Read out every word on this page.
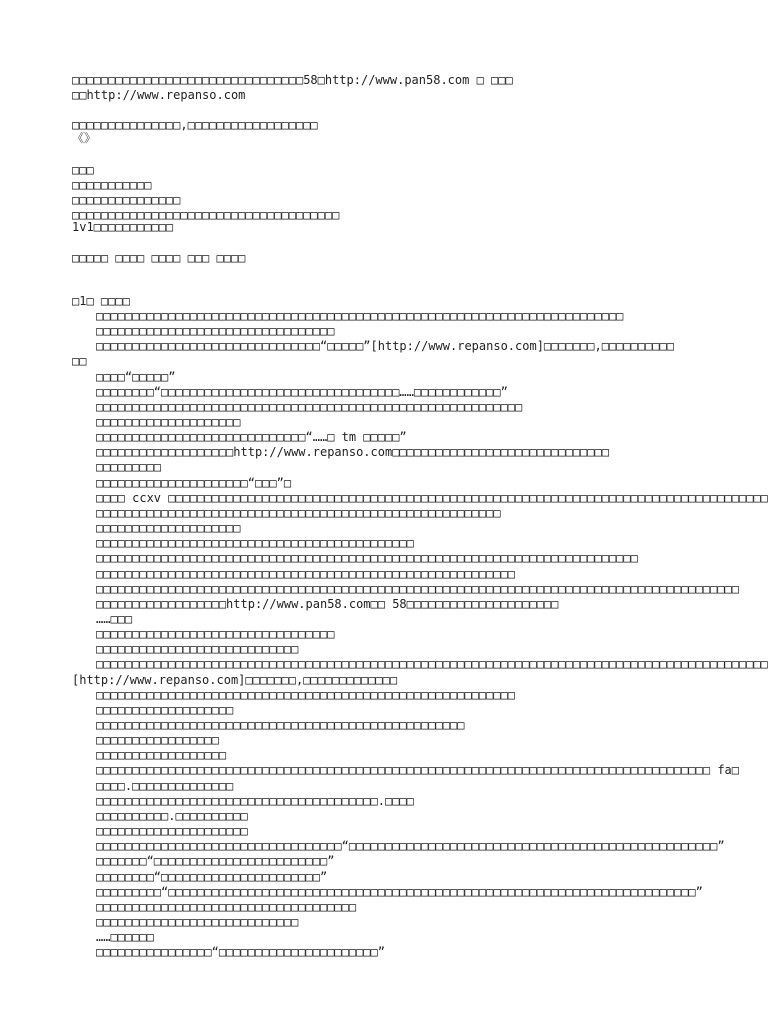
□□□□□□□□□□□□□□□□□□□□□□□□□□□□□□□□58□http://www.pan58.com □ □□□
□□http://www.repanso.com
□□□□□□□□□□□□□□□,□□□□□□□□□□□□□□□□□□
《》
□□□
□□□□□□□□□□□
□□□□□□□□□□□□□□□
□□□□□□□□□□□□□□□□□□□□□□□□□□□□□□□□□□□□□
1v1□□□□□□□□□□□
□□□□□ □□□□ □□□□ □□□ □□□□
□1□ □□□□
□□□□□□□□□□□□□□□□□□□□□□□□□□□□□□□□□□□□□□□□□□□□□□□□□□□□□□□□□□□□□□□□□□□□□□□□□
□□□□□□□□□□□□□□□□□□□□□□□□□□□□□□□□□
□□□□□□□□□□□□□□□□□□□□□□□□□□□□□□□“□□□□□”[http://www.repanso.com]□□□□□□□,□□□□□□□□□□
□□
□□□□“□□□□□”
□□□□□□□□“□□□□□□□□□□□□□□□□□□□□□□□□□□□□□□□□□……□□□□□□□□□□□□”
□□□□□□□□□□□□□□□□□□□□□□□□□□□□□□□□□□□□□□□□□□□□□□□□□□□□□□□□□□□
□□□□□□□□□□□□□□□□□□□□
□□□□□□□□□□□□□□□□□□□□□□□□□□□□□“……□ tm □□□□□”
□□□□□□□□□□□□□□□□□□□http://www.repanso.com□□□□□□□□□□□□□□□□□□□□□□□□□□□□□□
□□□□□□□□□
□□□□□□□□□□□□□□□□□□□□□“□□□”□
□□□□ ccxv □□□□□□□□□□□□□□□□□□□□□□□□□□□□□□□□□□□□□□□□□□□□□□□□□□□□□□□□□□□□□□□□□□□□□□□□□□□□□□□□□□□
□□□□□□□□□□□□□□□□□□□□□□□□□□□□□□□□□□□□□□□□□□□□□□□□□□□□□□□□
□□□□□□□□□□□□□□□□□□□□
□□□□□□□□□□□□□□□□□□□□□□□□□□□□□□□□□□□□□□□□□□□□
□□□□□□□□□□□□□□□□□□□□□□□□□□□□□□□□□□□□□□□□□□□□□□□□□□□□□□□□□□□□□□□□□□□□□□□□□□□
□□□□□□□□□□□□□□□□□□□□□□□□□□□□□□□□□□□□□□□□□□□□□□□□□□□□□□□□□□
□□□□□□□□□□□□□□□□□□□□□□□□□□□□□□□□□□□□□□□□□□□□□□□□□□□□□□□□□□□□□□□□□□□□□□□□□□□□□□□□□□□□□□□□□
□□□□□□□□□□□□□□□□□□http://www.pan58.com□□ 58□□□□□□□□□□□□□□□□□□□□□
……□□□
□□□□□□□□□□□□□□□□□□□□□□□□□□□□□□□□□
□□□□□□□□□□□□□□□□□□□□□□□□□□□□
□□□□□□□□□□□□□□□□□□□□□□□□□□□□□□□□□□□□□□□□□□□□□□□□□□□□□□□□□□□□□□□□□□□□□□□□□□□□□□□□□□□□□□□□□□□□□
[http://www.repanso.com]□□□□□□□,□□□□□□□□□□□□□
□□□□□□□□□□□□□□□□□□□□□□□□□□□□□□□□□□□□□□□□□□□□□□□□□□□□□□□□□□
□□□□□□□□□□□□□□□□□□□
□□□□□□□□□□□□□□□□□□□□□□□□□□□□□□□□□□□□□□□□□□□□□□□□□□□
□□□□□□□□□□□□□□□□□
□□□□□□□□□□□□□□□□□□
□□□□□□□□□□□□□□□□□□□□□□□□□□□□□□□□□□□□□□□□□□□□□□□□□□□□□□□□□□□□□□□□□□□□□□□□□□□□□□□□□□□□□ fa□
□□□□.□□□□□□□□□□□□□□
□□□□□□□□□□□□□□□□□□□□□□□□□□□□□□□□□□□□□□□.□□□□
□□□□□□□□□□.□□□□□□□□□□
□□□□□□□□□□□□□□□□□□□□□
□□□□□□□□□□□□□□□□□□□□□□□□□□□□□□□□□□“□□□□□□□□□□□□□□□□□□□□□□□□□□□□□□□□□□□□□□□□□□□□□□□□□□□”
□□□□□□□“□□□□□□□□□□□□□□□□□□□□□□□□”
□□□□□□□□“□□□□□□□□□□□□□□□□□□□□□□”
□□□□□□□□□“□□□□□□□□□□□□□□□□□□□□□□□□□□□□□□□□□□□□□□□□□□□□□□□□□□□□□□□□□□□□□□□□□□□□□□□□□”
□□□□□□□□□□□□□□□□□□□□□□□□□□□□□□□□□□□□
□□□□□□□□□□□□□□□□□□□□□□□□□□□□
……□□□□□□
□□□□□□□□□□□□□□□□“□□□□□□□□□□□□□□□□□□□□□□”
